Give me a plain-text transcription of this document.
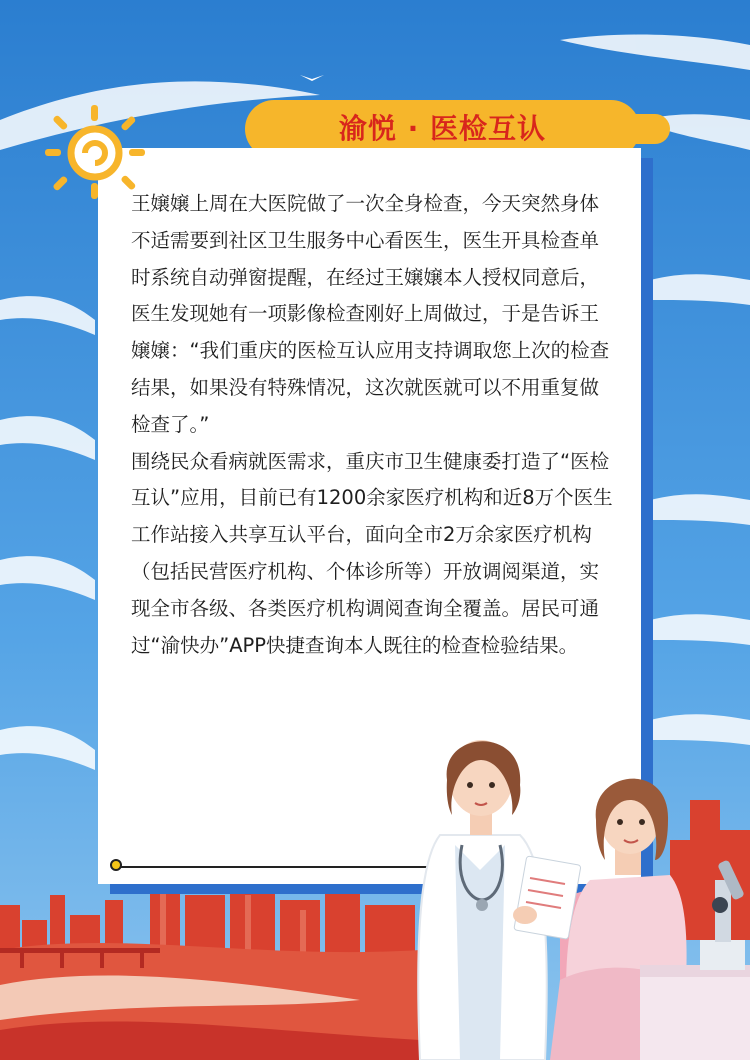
渝悦 · 医检互认

王嬢嬢上周在大医院做了一次全身检查，今天突然身体不适需要到社区卫生服务中心看医生，医生开具检查单时系统自动弹窗提醒，在经过王嬢嬢本人授权同意后，医生发现她有一项影像检查刚好上周做过，于是告诉王嬢嬢：“我们重庆的医检互认应用支持调取您上次的检查结果，如果没有特殊情况，这次就医就可以不用重复做检查了。”

围绕民众看病就医需求，重庆市卫生健康委打造了“医检互认”应用，目前已有1200余家医疗机构和近8万个医生工作站接入共享互认平台，面向全市2万余家医疗机构（包括民营医疗机构、个体诊所等）开放调阅渠道，实现全市各级、各类医疗机构调阅查询全覆盖。居民可通过“渝快办”APP快捷查询本人既往的检查检验结果。
